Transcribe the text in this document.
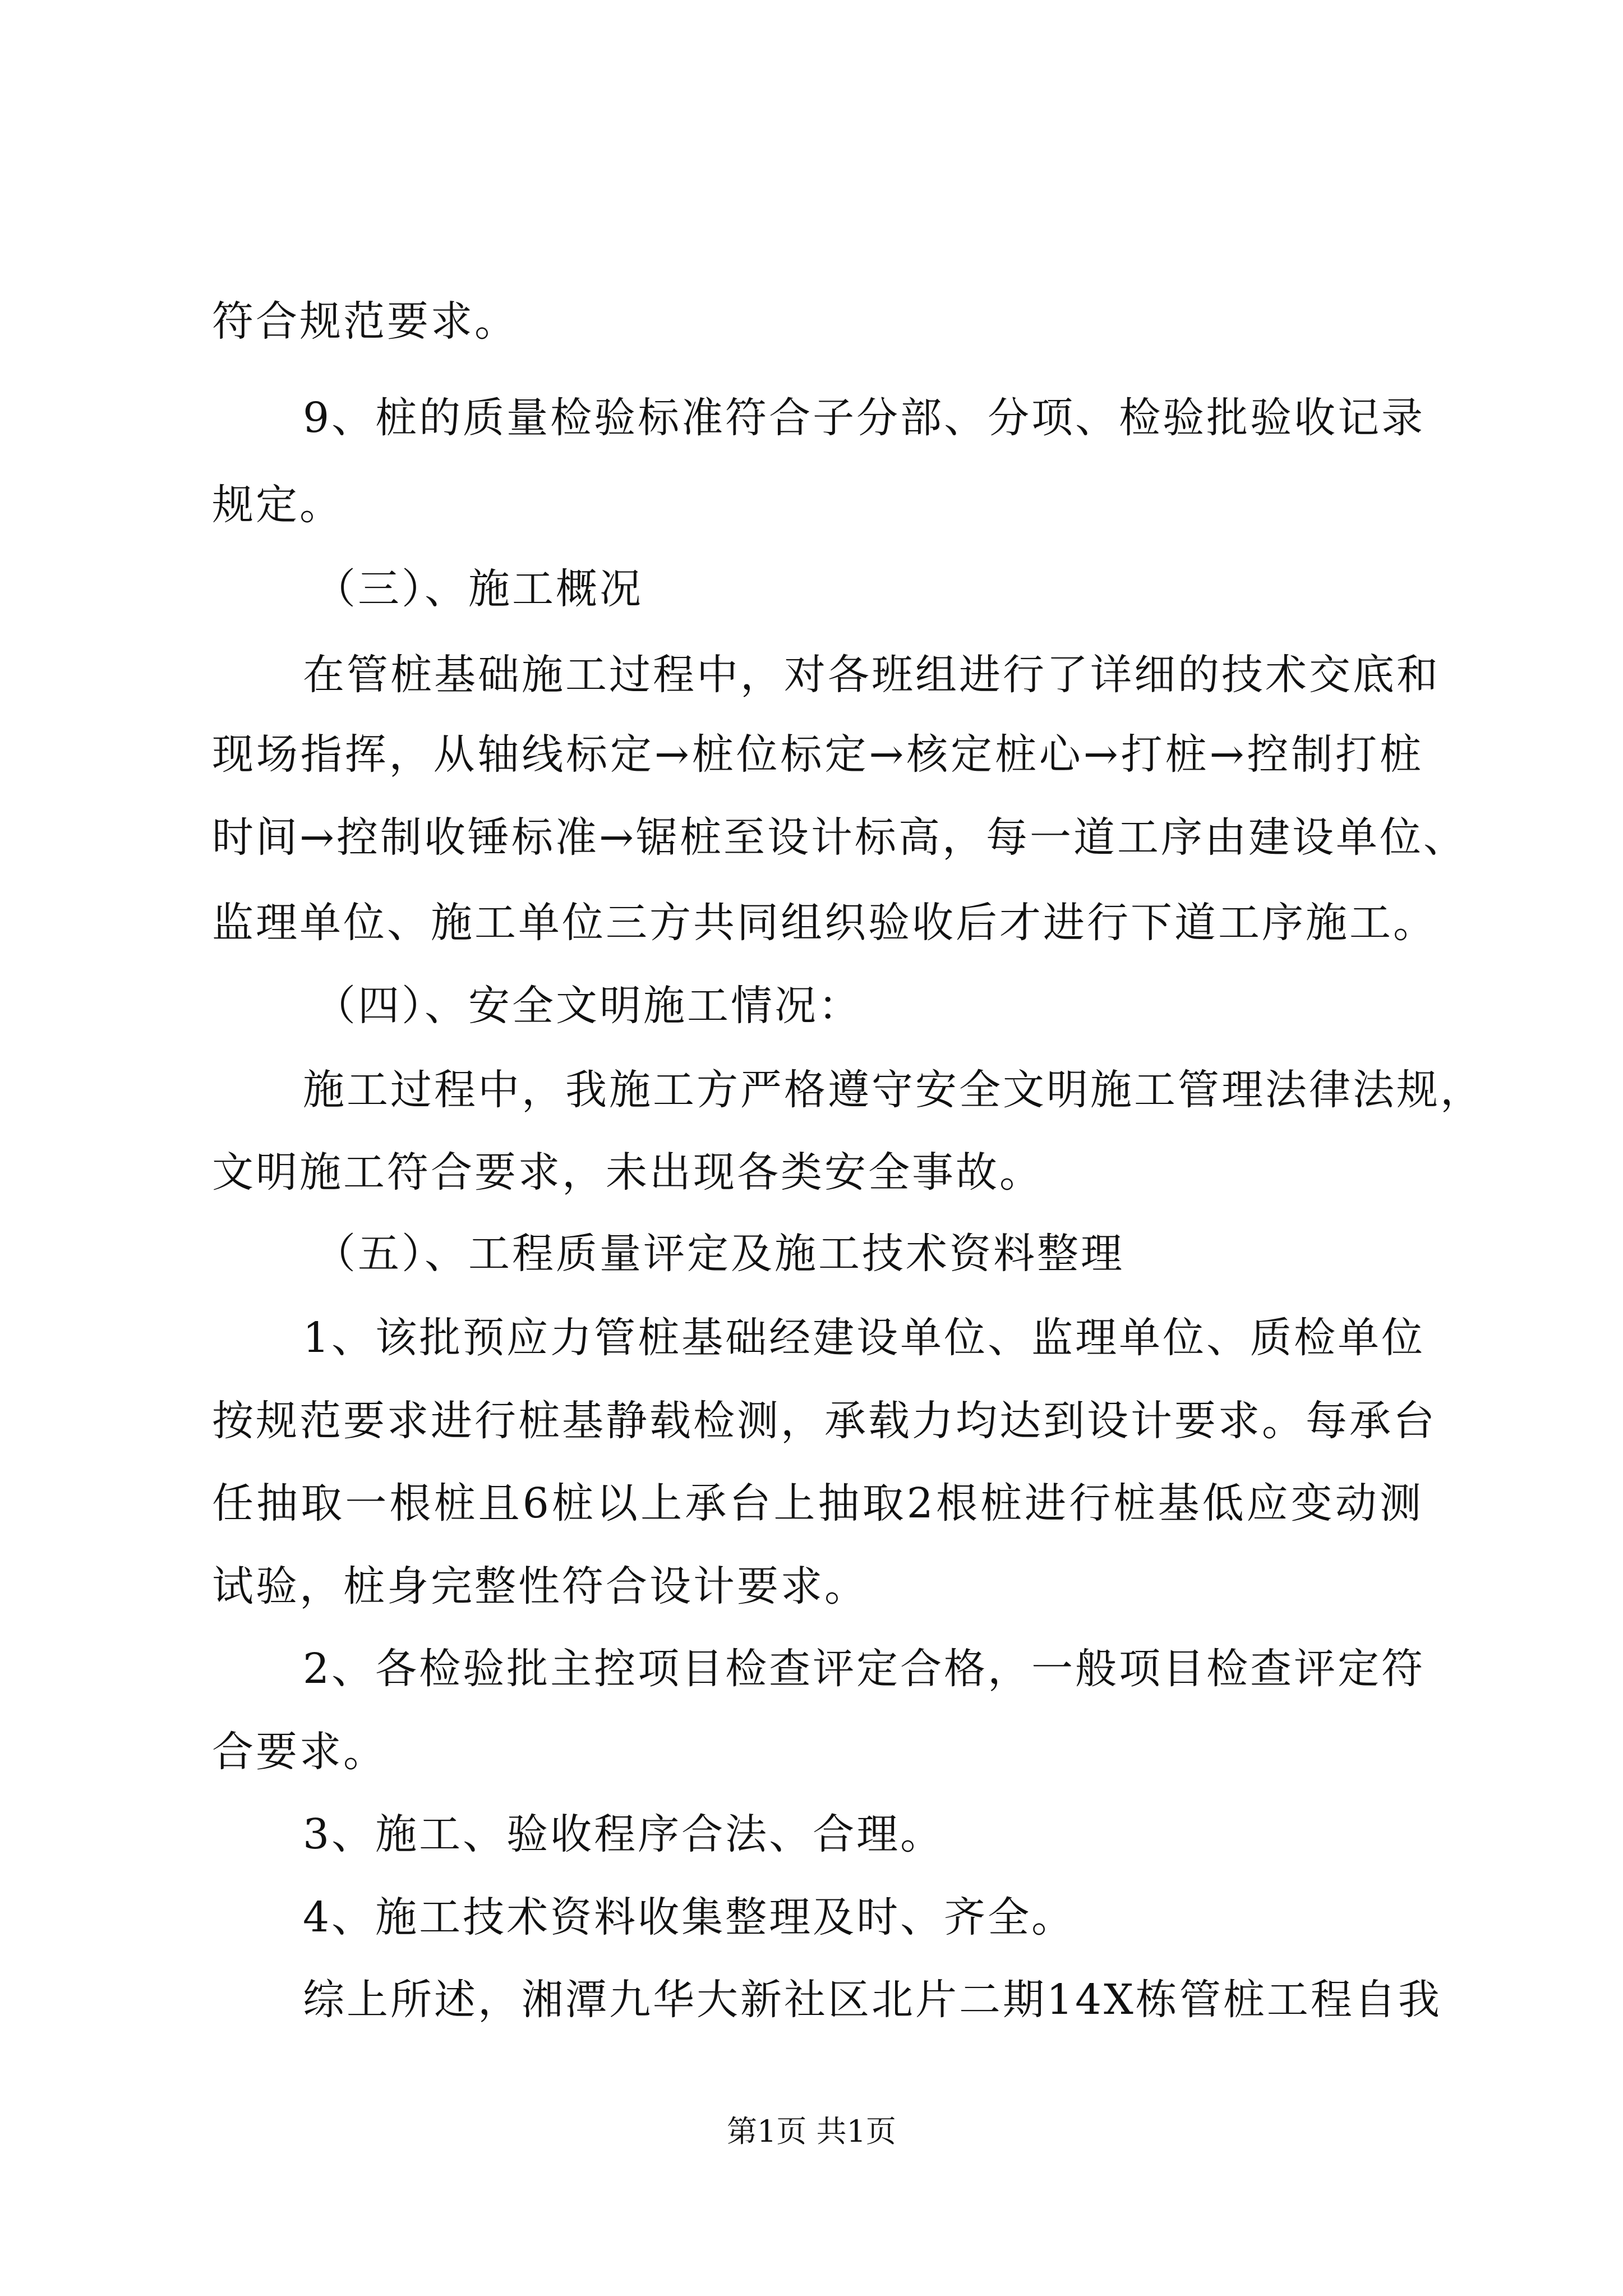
符合规范要求。
9、桩的质量检验标准符合子分部、分项、检验批验收记录
规定。
（三）、施工概况
在管桩基础施工过程中，对各班组进行了详细的技术交底和
现场指挥，从轴线标定→桩位标定→核定桩心→打桩→控制打桩
时间→控制收锤标准→锯桩至设计标高，每一道工序由建设单位、
监理单位、施工单位三方共同组织验收后才进行下道工序施工。
（四）、安全文明施工情况：
施工过程中，我施工方严格遵守安全文明施工管理法律法规，
文明施工符合要求，未出现各类安全事故。
（五）、工程质量评定及施工技术资料整理
1、该批预应力管桩基础经建设单位、监理单位、质检单位
按规范要求进行桩基静载检测，承载力均达到设计要求。每承台
任抽取一根桩且6桩以上承台上抽取2根桩进行桩基低应变动测
试验，桩身完整性符合设计要求。
2、各检验批主控项目检查评定合格，一般项目检查评定符
合要求。
3、施工、验收程序合法、合理。
4、施工技术资料收集整理及时、齐全。
综上所述，湘潭九华大新社区北片二期14X栋管桩工程自我
第1页 共1页
